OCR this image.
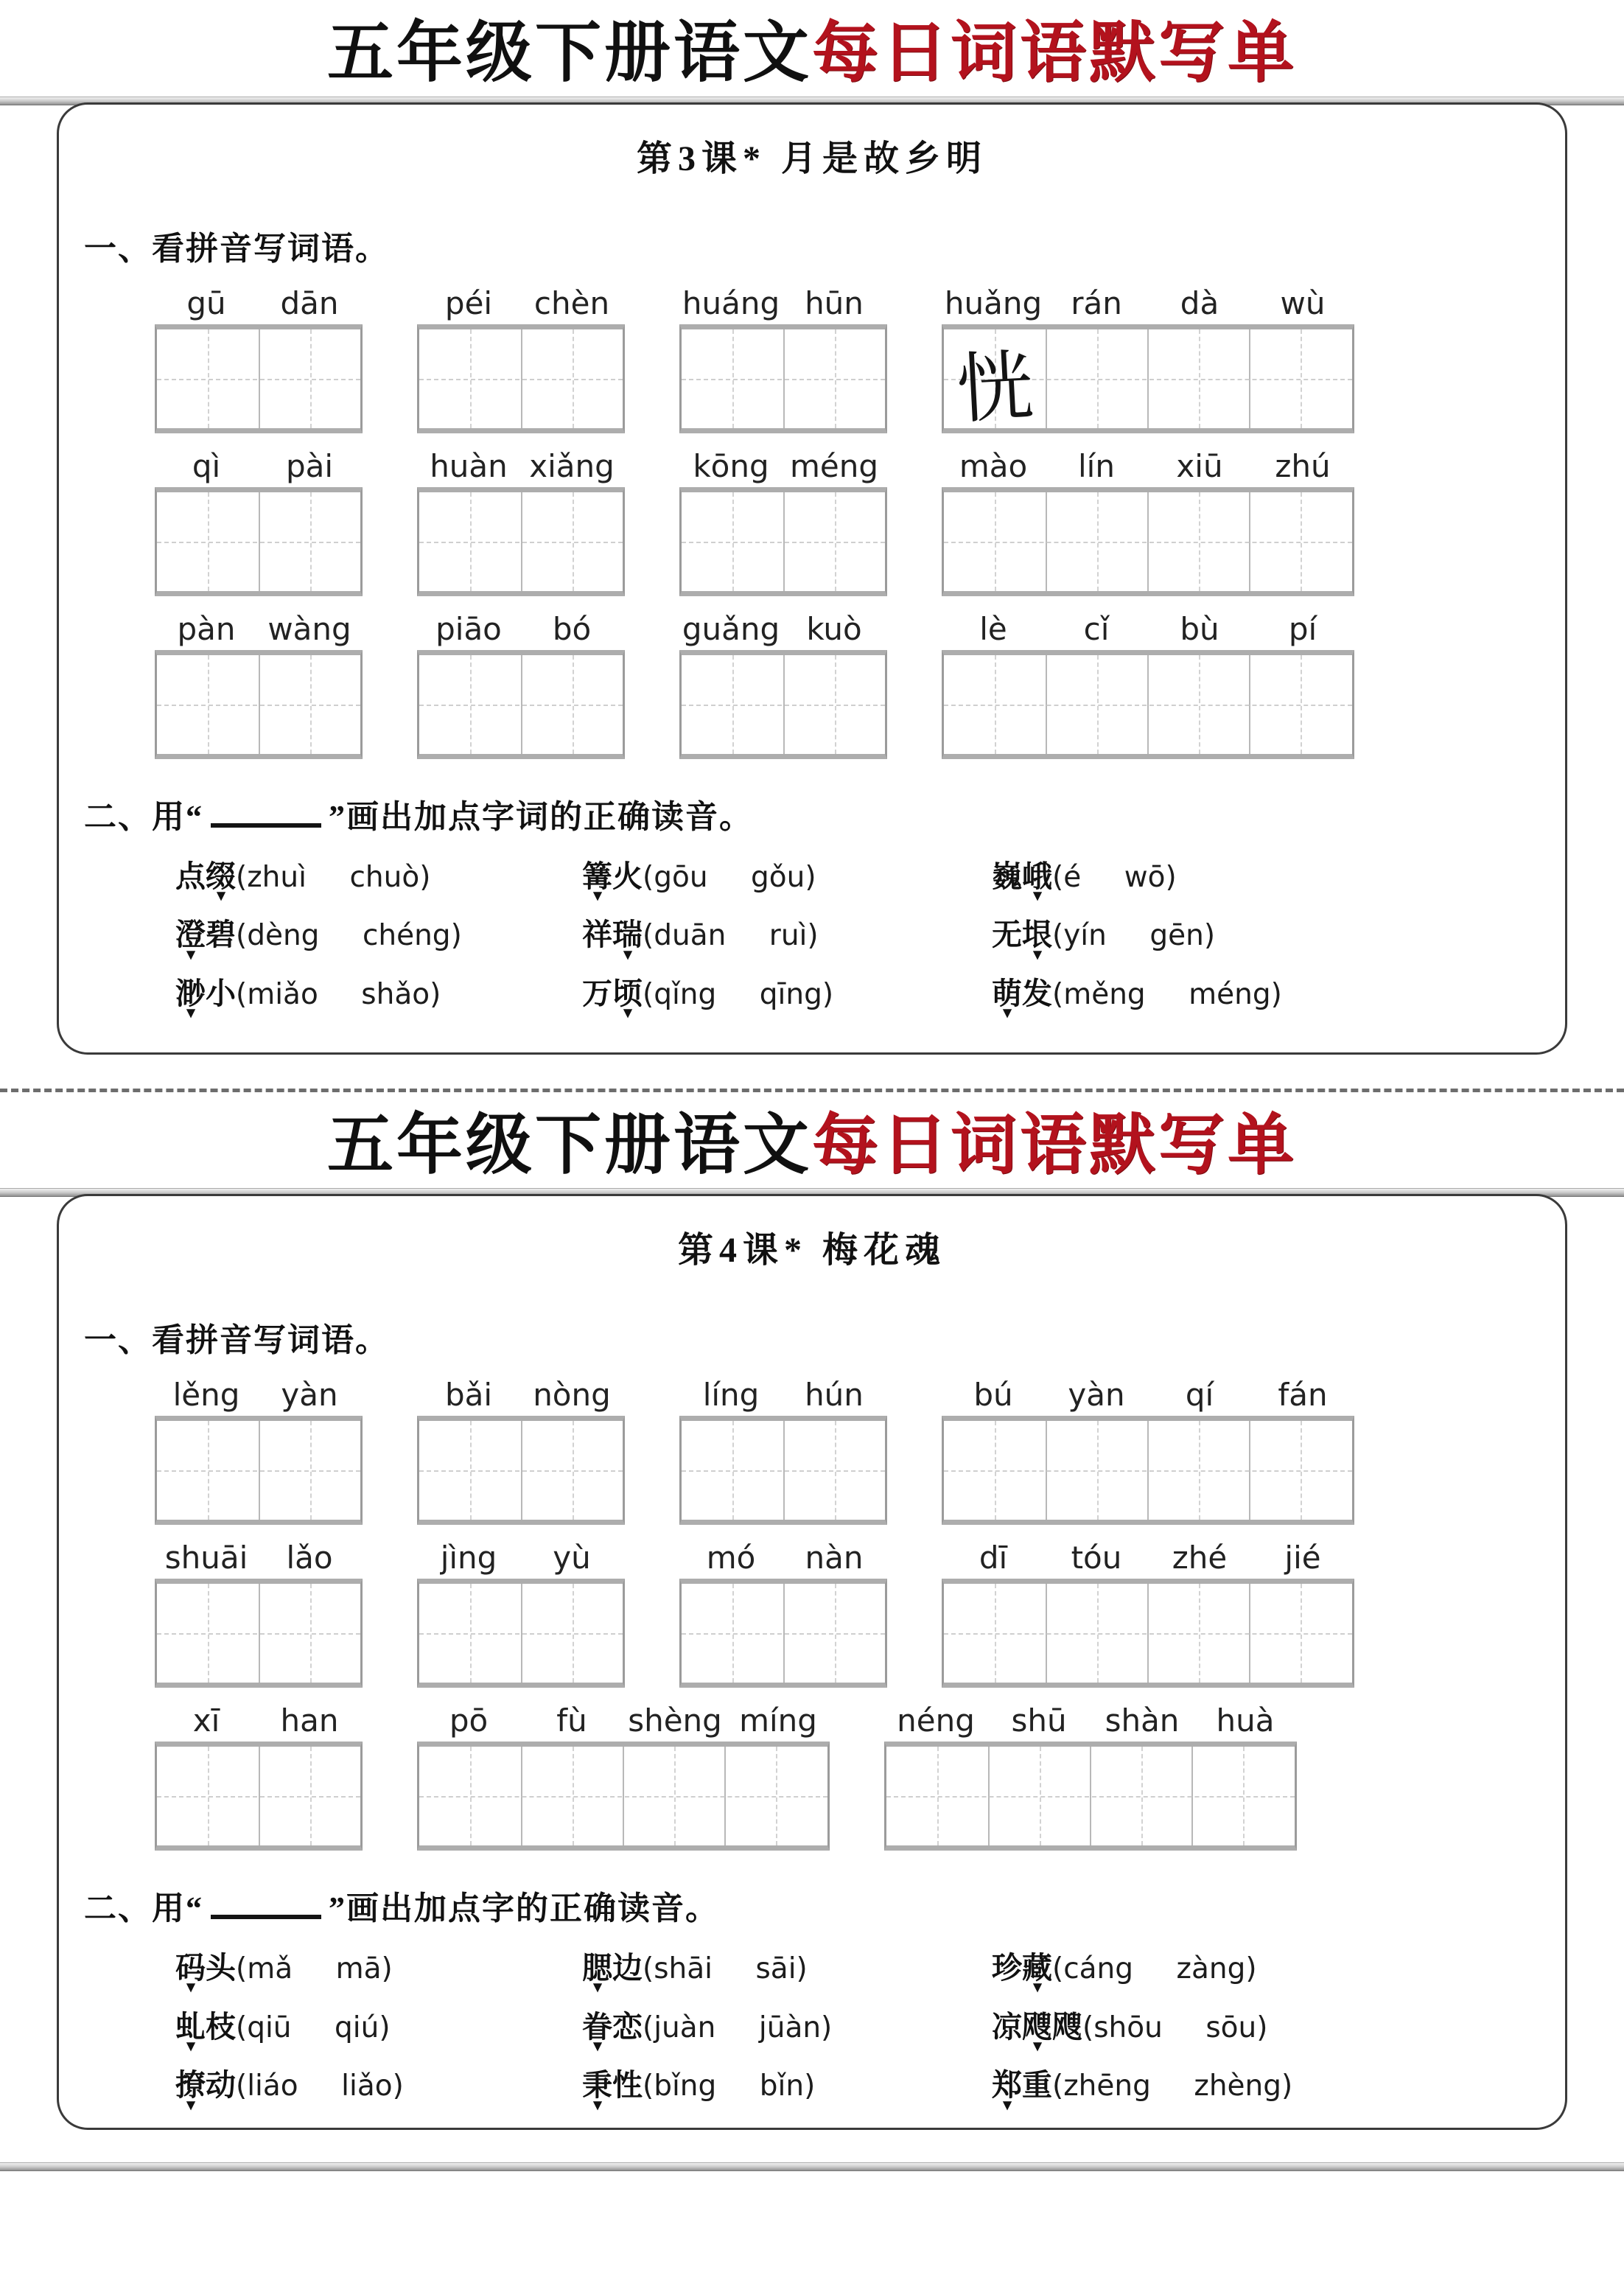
五年级下册语文每日词语默写单
第3课* 月是故乡明
一、看拼音写词语。
gū	dān	péi	chèn	huáng hūn	huǎng rán	dà	wù
恍
qì	pài	huàn xiǎng	kōng méng	mào	lín	xiū	zhú
pàn	wàng	piāo	bó	guǎng kuò	lè	cǐ	bù	pí
二、用“	”画出加点字词的正确读音。
点缀 ▾(zhuì   chuò)	篝 ▾火(gōu   gǒu)	巍峨 ▾(é   wō)
澄 ▾碧(dèng   chéng)	祥瑞 ▾(duān   ruì)	无垠 ▾(yín   gēn)
渺 ▾小(miǎo   shǎo)	万顷 ▾(qǐng   qīng)	萌 ▾发(měng   méng)
五年级下册语文每日词语默写单
第4课* 梅花魂
一、看拼音写词语。
lěng	yàn	bǎi	nòng	líng	hún	bú	yàn	qí	fán
shuāi	lǎo	jìng	yù	mó	nàn	dī	tóu	zhé	jié
xī	han	pō	fù	shèng míng	néng	shū	shàn	huà
二、用“	”画出加点字的正确读音。
码 ▾头(mǎ   mā)	腮 ▾边(shāi   sāi)	珍藏 ▾(cáng   zàng)
虬 ▾枝(qiū   qiú)	眷 ▾恋(juàn   jūàn)	凉飕 ▾飕(shōu   sōu)
撩 ▾动(liáo   liǎo)	秉 ▾性(bǐng   bǐn)	郑 ▾重(zhēng   zhèng)
